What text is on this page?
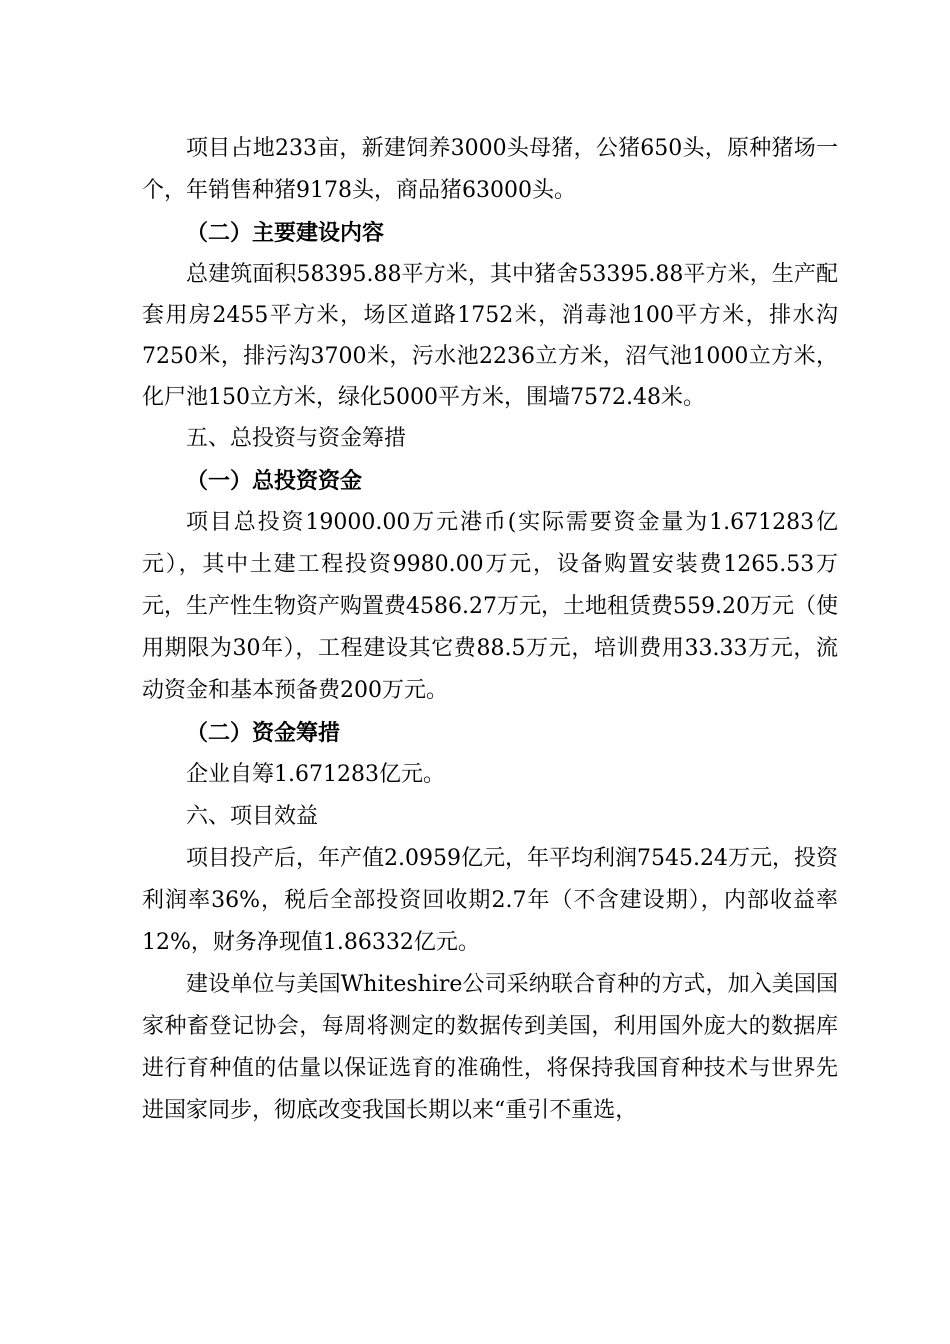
项目占地233亩，新建饲养3000头母猪，公猪650头，原种猪场一个，年销售种猪9178头，商品猪63000头。

（二）主要建设内容

总建筑面积58395.88平方米，其中猪舍53395.88平方米，生产配套用房2455平方米，场区道路1752米，消毒池100平方米，排水沟7250米，排污沟3700米，污水池2236立方米，沼气池1000立方米，化尸池150立方米，绿化5000平方米，围墙7572.48米。

五、总投资与资金筹措
（一）总投资资金

项目总投资19000.00万元港币(实际需要资金量为1.671283亿元），其中土建工程投资9980.00万元，设备购置安装费1265.53万元，生产性生物资产购置费4586.27万元，土地租赁费559.20万元（使用期限为30年），工程建设其它费88.5万元，培训费用33.33万元，流动资金和基本预备费200万元。

（二）资金筹措

企业自筹1.671283亿元。

六、项目效益

项目投产后，年产值2.0959亿元，年平均利润7545.24万元，投资利润率36%，税后全部投资回收期2.7年（不含建设期），内部收益率12%，财务净现值1.86332亿元。

建设单位与美国Whiteshire公司采纳联合育种的方式，加入美国国家种畜登记协会，每周将测定的数据传到美国，利用国外庞大的数据库进行育种值的估量以保证选育的准确性，将保持我国育种技术与世界先进国家同步，彻底改变我国长期以来“重引不重选，
